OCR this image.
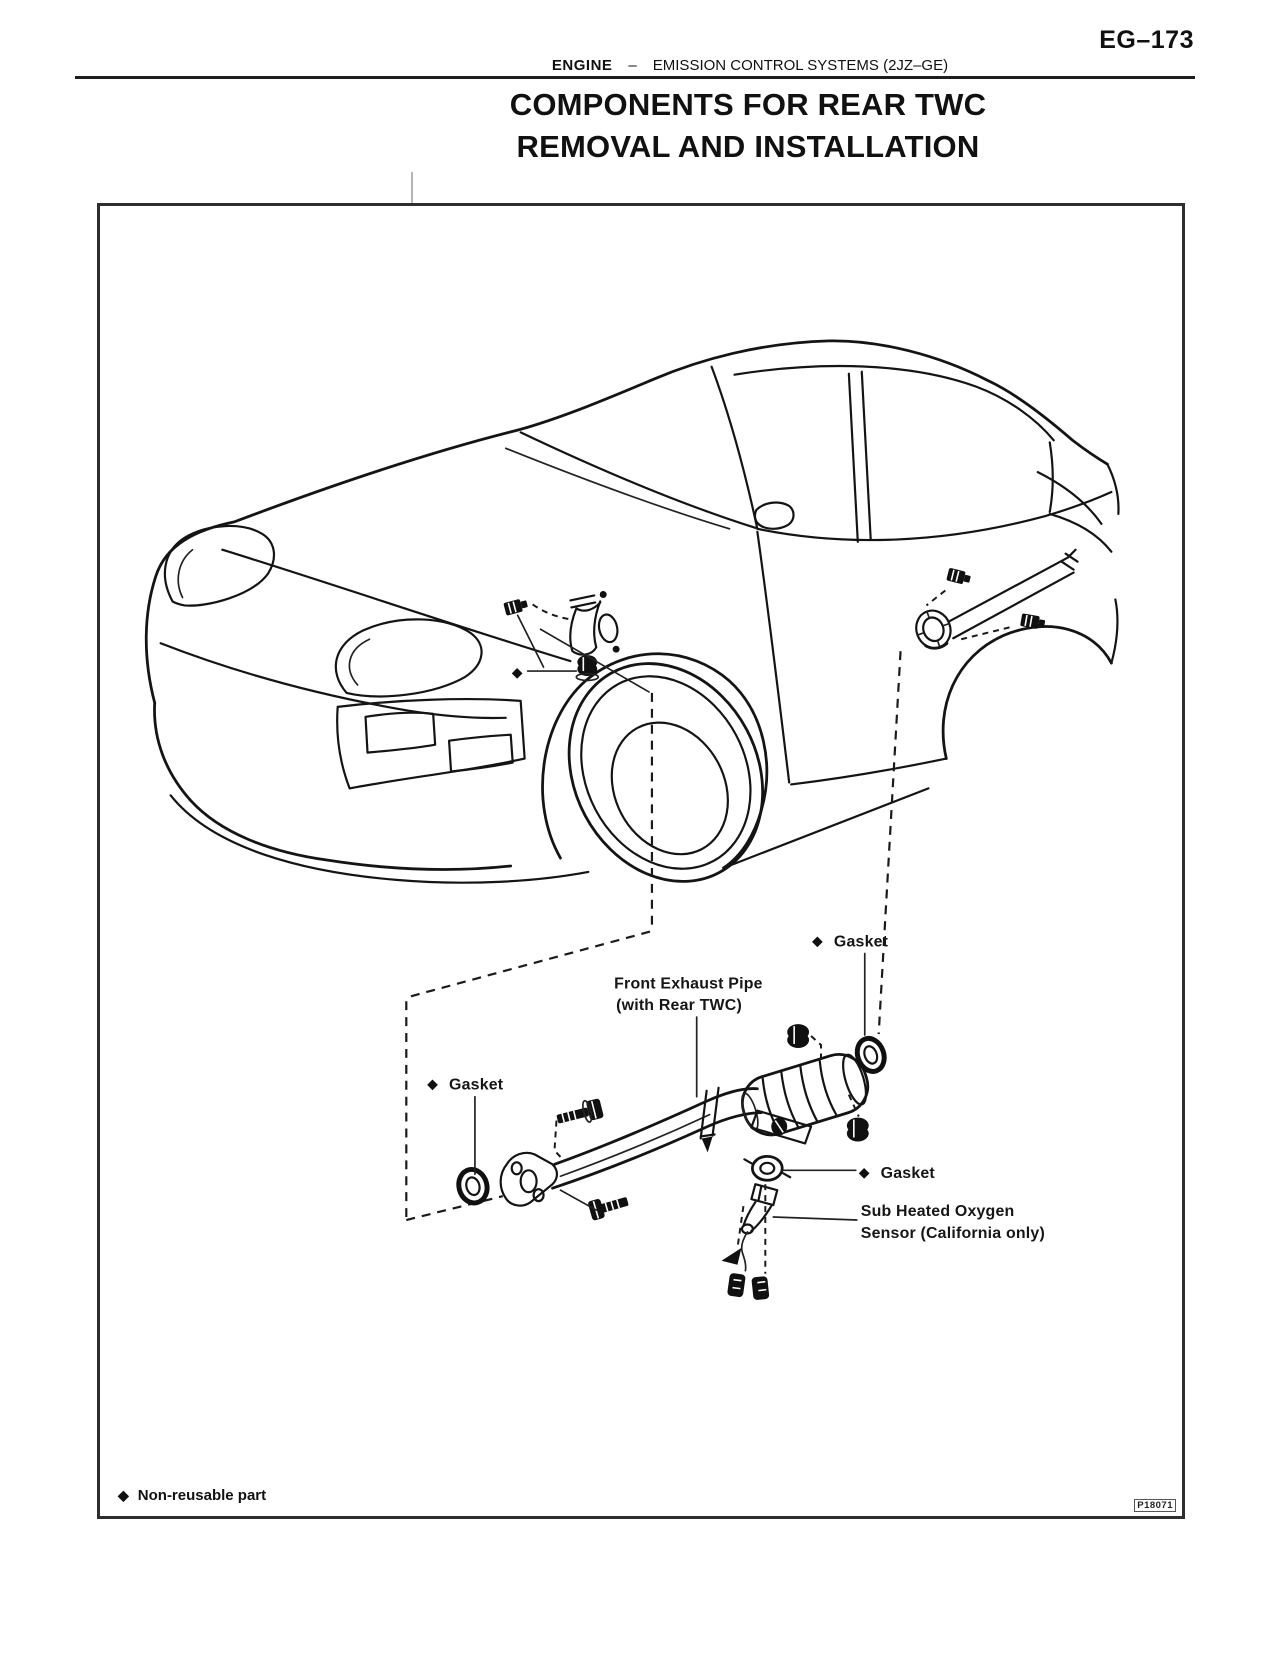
EG–173
ENGINE – EMISSION CONTROL SYSTEMS (2JZ–GE)
COMPONENTS FOR REAR TWC
REMOVAL AND INSTALLATION
◆
◆ Gasket
Front Exhaust Pipe
(with Rear TWC)
◆ Gasket
◆ Gasket
Sub Heated Oxygen
Sensor (California only)
◆ Non-reusable part
P18071
